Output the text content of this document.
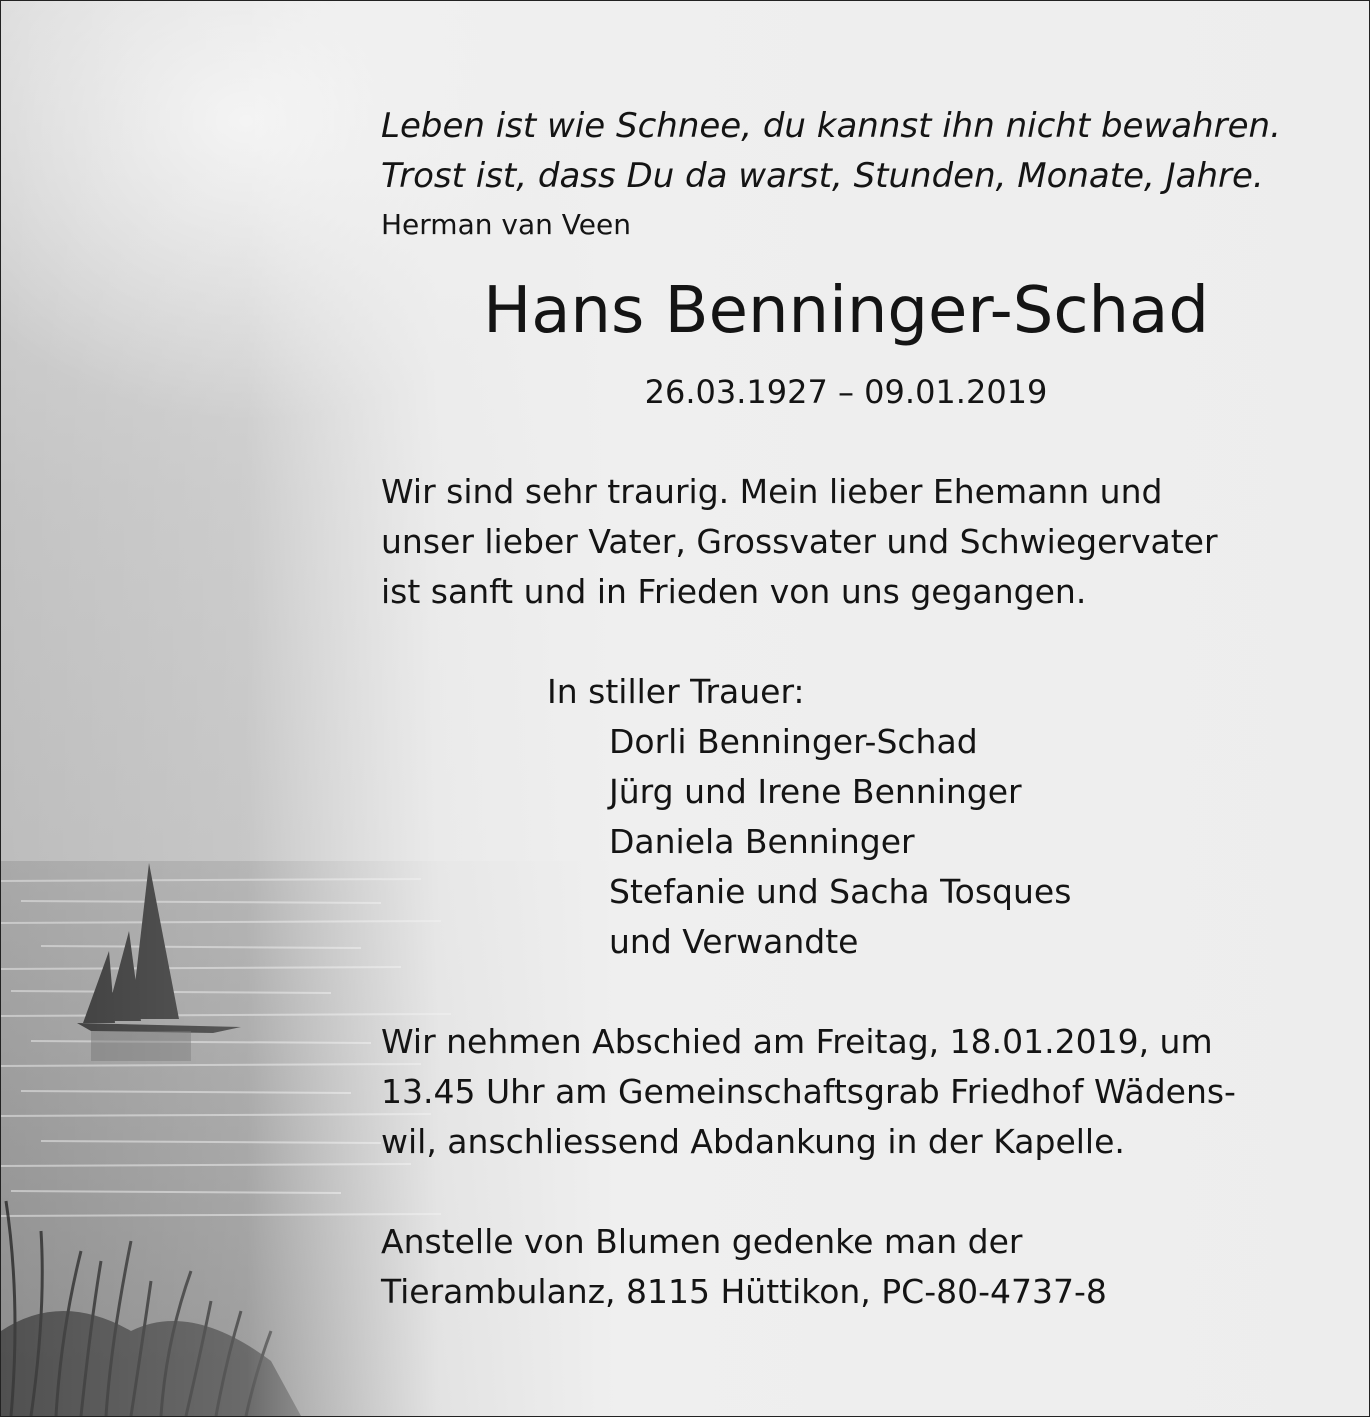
Leben ist wie Schnee, du kannst ihn nicht bewahren.
Trost ist, dass Du da warst, Stunden, Monate, Jahre.
Herman van Veen
Hans Benninger-Schad
26.03.1927 – 09.01.2019
Wir sind sehr traurig. Mein lieber Ehemann und
unser lieber Vater, Grossvater und Schwiegervater
ist sanft und in Frieden von uns gegangen.
In stiller Trauer:
Dorli Benninger-Schad
Jürg und Irene Benninger
Daniela Benninger
Stefanie und Sacha Tosques
und Verwandte
Wir nehmen Abschied am Freitag, 18.01.2019, um
13.45 Uhr am Gemeinschaftsgrab Friedhof Wädens-
wil, anschliessend Abdankung in der Kapelle.
Anstelle von Blumen gedenke man der
Tierambulanz, 8115 Hüttikon, PC-80-4737-8
